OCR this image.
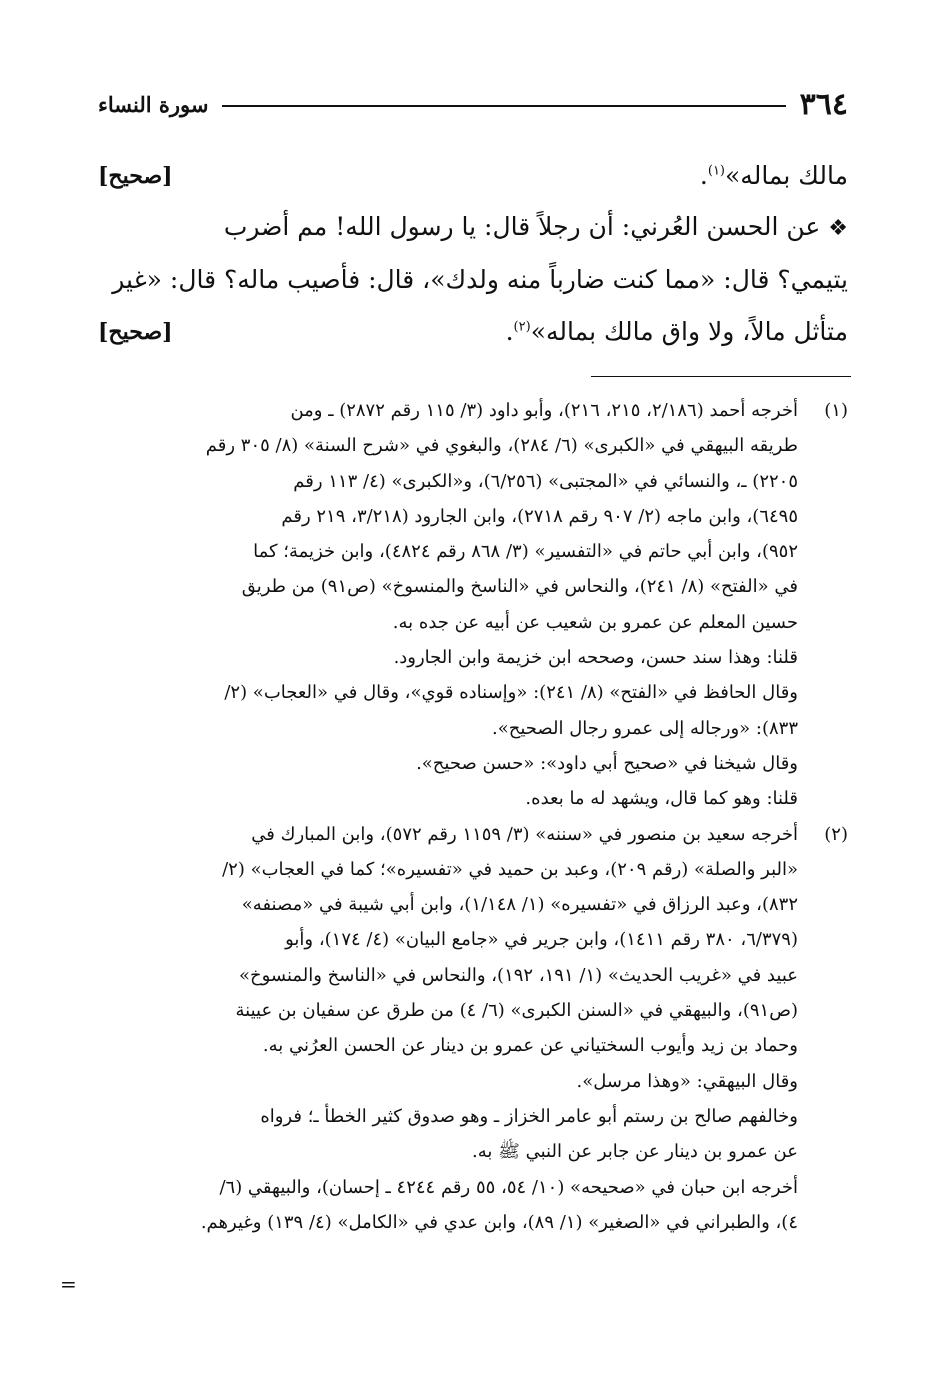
٣٦٤
سورة النساء
مالك بماله»$^{(١)}$.
[صحيح]
❖ عن الحسن العُرني: أن رجلاً قال: يا رسول الله! مم أضرب
يتيمي؟ قال: «مما كنت ضارباً منه ولدك»، قال: فأصيب ماله؟ قال: «غير
متأثل مالاً، ولا واق مالك بماله»$^{(٢)}$.
[صحيح]
(١)
أخرجه أحمد (٢/١٨٦، ٢١٥، ٢١٦)، وأبو داود (٣/ ١١٥ رقم ٢٨٧٢) ـ ومن
طريقه البيهقي في «الكبرى» (٦/ ٢٨٤)، والبغوي في «شرح السنة» (٨/ ٣٠٥ رقم
٢٢٠٥) ـ، والنسائي في «المجتبى» (٦/٢٥٦)، و«الكبرى» (٤/ ١١٣ رقم
٦٤٩٥)، وابن ماجه (٢/ ٩٠٧ رقم ٢٧١٨)، وابن الجارود (٣/٢١٨، ٢١٩ رقم
٩٥٢)، وابن أبي حاتم في «التفسير» (٣/ ٨٦٨ رقم ٤٨٢٤)، وابن خزيمة؛ كما
في «الفتح» (٨/ ٢٤١)، والنحاس في «الناسخ والمنسوخ» (ص٩١) من طريق
حسين المعلم عن عمرو بن شعيب عن أبيه عن جده به.
قلنا: وهذا سند حسن، وصححه ابن خزيمة وابن الجارود.
وقال الحافظ في «الفتح» (٨/ ٢٤١): «وإسناده قوي»، وقال في «العجاب» (٢/
٨٣٣): «ورجاله إلى عمرو رجال الصحيح».
وقال شيخنا في «صحيح أبي داود»: «حسن صحيح».
قلنا: وهو كما قال، ويشهد له ما بعده.
(٢)
أخرجه سعيد بن منصور في «سننه» (٣/ ١١٥٩ رقم ٥٧٢)، وابن المبارك في
«البر والصلة» (رقم ٢٠٩)، وعبد بن حميد في «تفسيره»؛ كما في العجاب» (٢/
٨٣٢)، وعبد الرزاق في «تفسيره» (١/ ١/١٤٨)، وابن أبي شيبة في «مصنفه»
(٦/٣٧٩، ٣٨٠ رقم ١٤١١)، وابن جرير في «جامع البيان» (٤/ ١٧٤)، وأبو
عبيد في «غريب الحديث» (١/ ١٩١، ١٩٢)، والنحاس في «الناسخ والمنسوخ»
(ص٩١)، والبيهقي في «السنن الكبرى» (٦/ ٤) من طرق عن سفيان بن عيينة
وحماد بن زيد وأيوب السختياني عن عمرو بن دينار عن الحسن العرُني به.
وقال البيهقي: «وهذا مرسل».
وخالفهم صالح بن رستم أبو عامر الخزاز ـ وهو صدوق كثير الخطأ ـ؛ فرواه
عن عمرو بن دينار عن جابر عن النبي ﷺ به.
أخرجه ابن حبان في «صحيحه» (١٠/ ٥٤، ٥٥ رقم ٤٢٤٤ ـ إحسان)، والبيهقي (٦/
٤)، والطبراني في «الصغير» (١/ ٨٩)، وابن عدي في «الكامل» (٤/ ١٣٩) وغيرهم.
=
